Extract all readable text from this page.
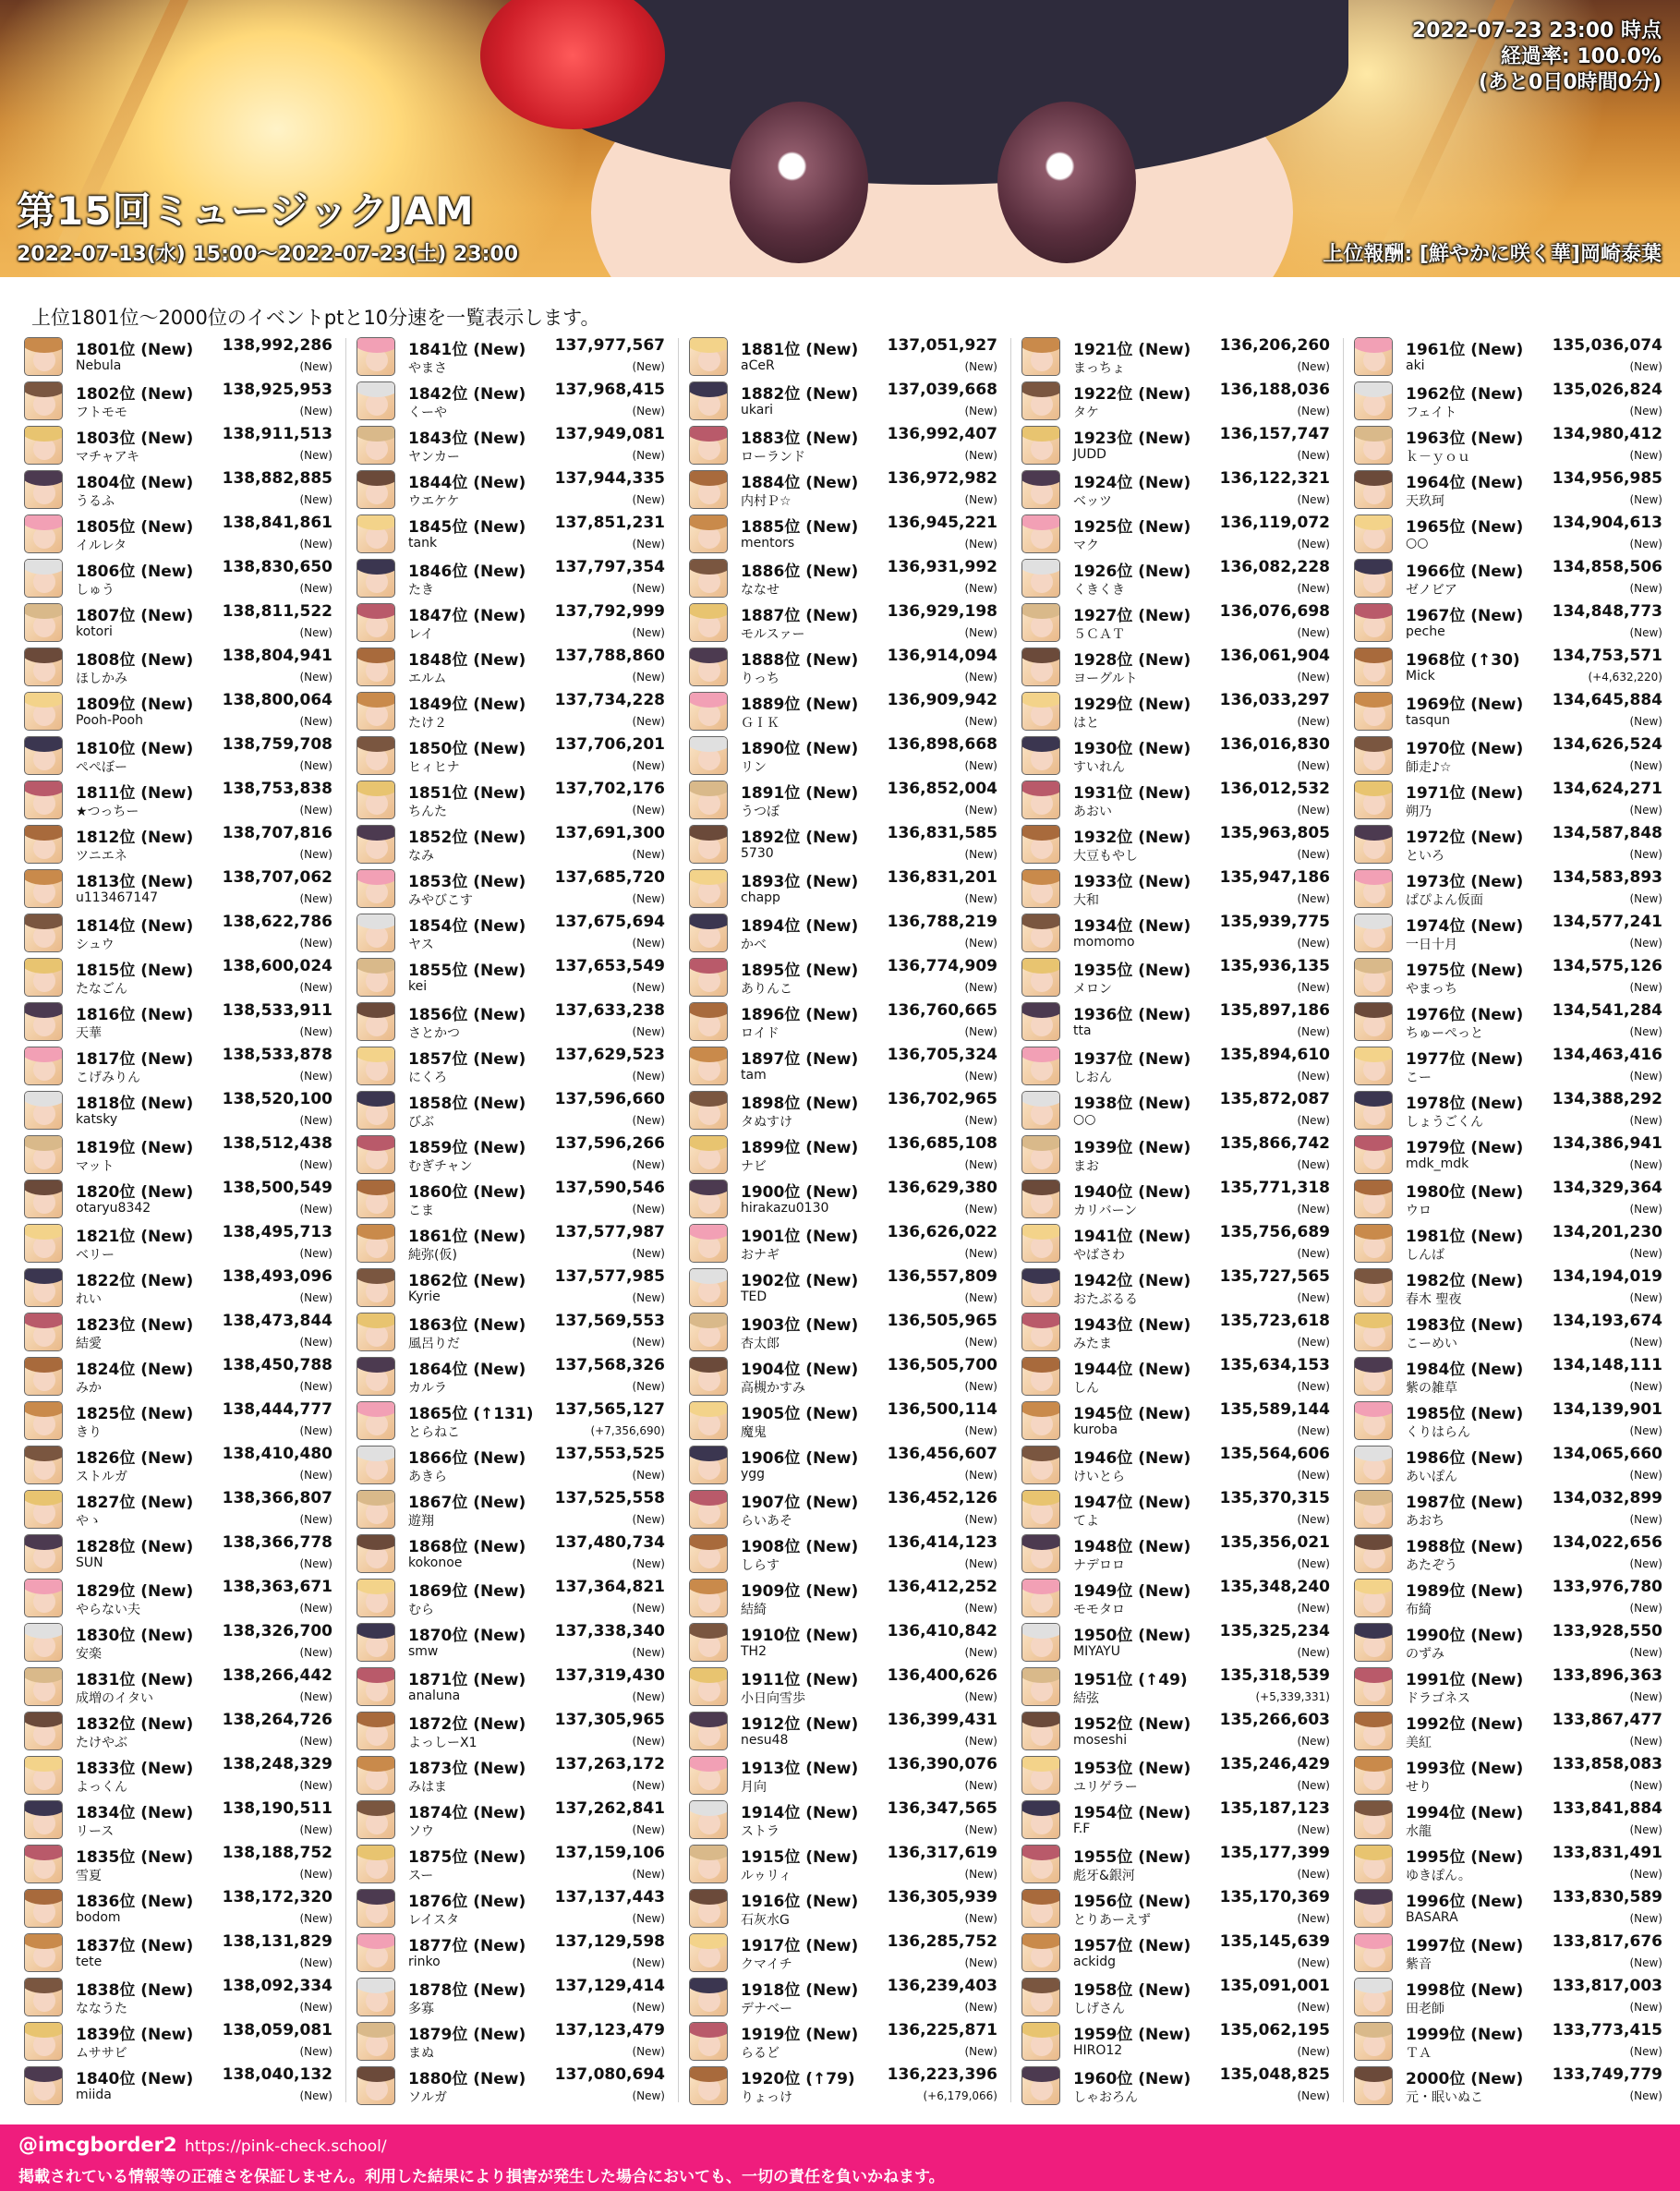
第15回ミュージックJAM
2022-07-13(水) 15:00～2022-07-23(土) 23:00
2022-07-23 23:00 時点
経過率: 100.0%
(あと0日0時間0分)
上位報酬: [鮮やかに咲く華]岡崎泰葉
上位1801位～2000位のイベントptと10分速を一覧表示します。
1801位 (New) 138,992,286
Nebula	(New)
1802位 (New) 138,925,953
フトモモ	(New)
1803位 (New) 138,911,513
マチャアキ	(New)
1804位 (New) 138,882,885
うるふ	(New)
1805位 (New) 138,841,861
イルレタ	(New)
1806位 (New) 138,830,650
しゅう	(New)
1807位 (New) 138,811,522
kotori	(New)
1808位 (New) 138,804,941
ほしかみ	(New)
1809位 (New) 138,800,064
Pooh-Pooh	(New)
1810位 (New) 138,759,708
ぺぺぼー	(New)
1811位 (New) 138,753,838
★つっちー	(New)
1812位 (New) 138,707,816
ツニエネ	(New)
1813位 (New) 138,707,062
u113467147	(New)
1814位 (New) 138,622,786
シュウ	(New)
1815位 (New) 138,600,024
たなごん	(New)
1816位 (New) 138,533,911
天華	(New)
1817位 (New) 138,533,878
こげみりん	(New)
1818位 (New) 138,520,100
katsky	(New)
1819位 (New) 138,512,438
マット	(New)
1820位 (New) 138,500,549
otaryu8342	(New)
1821位 (New) 138,495,713
ベリー	(New)
1822位 (New) 138,493,096
れい	(New)
1823位 (New) 138,473,844
結愛	(New)
1824位 (New) 138,450,788
みか	(New)
1825位 (New) 138,444,777
きり	(New)
1826位 (New) 138,410,480
ストルガ	(New)
1827位 (New) 138,366,807
やゝ	(New)
1828位 (New) 138,366,778
SUN	(New)
1829位 (New) 138,363,671
やらない夫	(New)
1830位 (New) 138,326,700
安楽	(New)
1831位 (New) 138,266,442
成増のイタい	(New)
1832位 (New) 138,264,726
たけやぶ	(New)
1833位 (New) 138,248,329
よっくん	(New)
1834位 (New) 138,190,511
リース	(New)
1835位 (New) 138,188,752
雪夏	(New)
1836位 (New) 138,172,320
bodom	(New)
1837位 (New) 138,131,829
tete	(New)
1838位 (New) 138,092,334
ななうた	(New)
1839位 (New) 138,059,081
ムササビ	(New)
1840位 (New) 138,040,132
miida	(New)
1841位 (New) 137,977,567
やまさ	(New)
1842位 (New) 137,968,415
くーや	(New)
1843位 (New) 137,949,081
ヤンカー	(New)
1844位 (New) 137,944,335
ウエケケ	(New)
1845位 (New) 137,851,231
tank	(New)
1846位 (New) 137,797,354
たき	(New)
1847位 (New) 137,792,999
レイ	(New)
1848位 (New) 137,788,860
エルム	(New)
1849位 (New) 137,734,228
たけ２	(New)
1850位 (New) 137,706,201
ヒィヒナ	(New)
1851位 (New) 137,702,176
ちんた	(New)
1852位 (New) 137,691,300
なみ	(New)
1853位 (New) 137,685,720
みやびこす	(New)
1854位 (New) 137,675,694
ヤス	(New)
1855位 (New) 137,653,549
kei	(New)
1856位 (New) 137,633,238
さとかつ	(New)
1857位 (New) 137,629,523
にくろ	(New)
1858位 (New) 137,596,660
びぶ	(New)
1859位 (New) 137,596,266
むぎチャン	(New)
1860位 (New) 137,590,546
こま	(New)
1861位 (New) 137,577,987
純弥(仮)	(New)
1862位 (New) 137,577,985
Kyrie	(New)
1863位 (New) 137,569,553
風呂りだ	(New)
1864位 (New) 137,568,326
カルラ	(New)
1865位 (↑131) 137,565,127
とらねこ	(+7,356,690)
1866位 (New) 137,553,525
あきら	(New)
1867位 (New) 137,525,558
遊翔	(New)
1868位 (New) 137,480,734
kokonoe	(New)
1869位 (New) 137,364,821
むら	(New)
1870位 (New) 137,338,340
smw	(New)
1871位 (New) 137,319,430
analuna	(New)
1872位 (New) 137,305,965
よっしーX1	(New)
1873位 (New) 137,263,172
みはま	(New)
1874位 (New) 137,262,841
ソウ	(New)
1875位 (New) 137,159,106
スー	(New)
1876位 (New) 137,137,443
レイスタ	(New)
1877位 (New) 137,129,598
rinko	(New)
1878位 (New) 137,129,414
多寡	(New)
1879位 (New) 137,123,479
まぬ	(New)
1880位 (New) 137,080,694
ソルガ	(New)
1881位 (New) 137,051,927
aCeR	(New)
1882位 (New) 137,039,668
ukari	(New)
1883位 (New) 136,992,407
ローランド	(New)
1884位 (New) 136,972,982
内村Ｐ☆	(New)
1885位 (New) 136,945,221
mentors	(New)
1886位 (New) 136,931,992
ななせ	(New)
1887位 (New) 136,929,198
モルスァー	(New)
1888位 (New) 136,914,094
りっち	(New)
1889位 (New) 136,909,942
ＧＩＫ	(New)
1890位 (New) 136,898,668
リン	(New)
1891位 (New) 136,852,004
うつぼ	(New)
1892位 (New) 136,831,585
5730	(New)
1893位 (New) 136,831,201
chapp	(New)
1894位 (New) 136,788,219
かべ	(New)
1895位 (New) 136,774,909
ありんこ	(New)
1896位 (New) 136,760,665
ロイド	(New)
1897位 (New) 136,705,324
tam	(New)
1898位 (New) 136,702,965
タぬすけ	(New)
1899位 (New) 136,685,108
ナビ	(New)
1900位 (New) 136,629,380
hirakazu0130	(New)
1901位 (New) 136,626,022
おナギ	(New)
1902位 (New) 136,557,809
TED	(New)
1903位 (New) 136,505,965
杏太郎	(New)
1904位 (New) 136,505,700
高槻かすみ	(New)
1905位 (New) 136,500,114
魔鬼	(New)
1906位 (New) 136,456,607
ygg	(New)
1907位 (New) 136,452,126
らいあそ	(New)
1908位 (New) 136,414,123
しらす	(New)
1909位 (New) 136,412,252
結綺	(New)
1910位 (New) 136,410,842
TH2	(New)
1911位 (New) 136,400,626
小日向雪歩	(New)
1912位 (New) 136,399,431
nesu48	(New)
1913位 (New) 136,390,076
月向	(New)
1914位 (New) 136,347,565
ストラ	(New)
1915位 (New) 136,317,619
ルゥリィ	(New)
1916位 (New) 136,305,939
石灰水G	(New)
1917位 (New) 136,285,752
クマイチ	(New)
1918位 (New) 136,239,403
デナベー	(New)
1919位 (New) 136,225,871
らるど	(New)
1920位 (↑79) 136,223,396
りょっけ	(+6,179,066)
1921位 (New) 136,206,260
まっちょ	(New)
1922位 (New) 136,188,036
タケ	(New)
1923位 (New) 136,157,747
JUDD	(New)
1924位 (New) 136,122,321
ベッツ	(New)
1925位 (New) 136,119,072
マク	(New)
1926位 (New) 136,082,228
くきくき	(New)
1927位 (New) 136,076,698
５ＣＡＴ	(New)
1928位 (New) 136,061,904
ヨーグルト	(New)
1929位 (New) 136,033,297
はと	(New)
1930位 (New) 136,016,830
すいれん	(New)
1931位 (New) 136,012,532
あおい	(New)
1932位 (New) 135,963,805
大豆もやし	(New)
1933位 (New) 135,947,186
大和	(New)
1934位 (New) 135,939,775
momomo	(New)
1935位 (New) 135,936,135
メロン	(New)
1936位 (New) 135,897,186
tta	(New)
1937位 (New) 135,894,610
しおん	(New)
1938位 (New) 135,872,087
○○	(New)
1939位 (New) 135,866,742
まお	(New)
1940位 (New) 135,771,318
カリバーン	(New)
1941位 (New) 135,756,689
やばさわ	(New)
1942位 (New) 135,727,565
おたぶるる	(New)
1943位 (New) 135,723,618
みたま	(New)
1944位 (New) 135,634,153
しん	(New)
1945位 (New) 135,589,144
kuroba	(New)
1946位 (New) 135,564,606
けいとら	(New)
1947位 (New) 135,370,315
てよ	(New)
1948位 (New) 135,356,021
ナデロロ	(New)
1949位 (New) 135,348,240
モモタロ	(New)
1950位 (New) 135,325,234
MIYAYU	(New)
1951位 (↑49) 135,318,539
結弦	(+5,339,331)
1952位 (New) 135,266,603
moseshi	(New)
1953位 (New) 135,246,429
ユリゲラー	(New)
1954位 (New) 135,187,123
F.F	(New)
1955位 (New) 135,177,399
彪牙&銀河	(New)
1956位 (New) 135,170,369
とりあーえず	(New)
1957位 (New) 135,145,639
ackidg	(New)
1958位 (New) 135,091,001
しげさん	(New)
1959位 (New) 135,062,195
HIRO12	(New)
1960位 (New) 135,048,825
しゃおろん	(New)
1961位 (New) 135,036,074
aki	(New)
1962位 (New) 135,026,824
フェイト	(New)
1963位 (New) 134,980,412
ｋ－ｙｏｕ	(New)
1964位 (New) 134,956,985
天玖珂	(New)
1965位 (New) 134,904,613
○○	(New)
1966位 (New) 134,858,506
ゼノビア	(New)
1967位 (New) 134,848,773
peche	(New)
1968位 (↑30) 134,753,571
Mick	(+4,632,220)
1969位 (New) 134,645,884
tasqun	(New)
1970位 (New) 134,626,524
師走♪☆	(New)
1971位 (New) 134,624,271
朔乃	(New)
1972位 (New) 134,587,848
といろ	(New)
1973位 (New) 134,583,893
ぱぴよん仮面	(New)
1974位 (New) 134,577,241
一日十月	(New)
1975位 (New) 134,575,126
やまっち	(New)
1976位 (New) 134,541,284
ちゅーぺっと	(New)
1977位 (New) 134,463,416
こー	(New)
1978位 (New) 134,388,292
しょうごくん	(New)
1979位 (New) 134,386,941
mdk_mdk	(New)
1980位 (New) 134,329,364
ウロ	(New)
1981位 (New) 134,201,230
しんば	(New)
1982位 (New) 134,194,019
春木 聖夜	(New)
1983位 (New) 134,193,674
こーめい	(New)
1984位 (New) 134,148,111
紫の雑草	(New)
1985位 (New) 134,139,901
くりはらん	(New)
1986位 (New) 134,065,660
あいぽん	(New)
1987位 (New) 134,032,899
あおち	(New)
1988位 (New) 134,022,656
あたぞう	(New)
1989位 (New) 133,976,780
布綺	(New)
1990位 (New) 133,928,550
のずみ	(New)
1991位 (New) 133,896,363
ドラゴネス	(New)
1992位 (New) 133,867,477
美紅	(New)
1993位 (New) 133,858,083
せり	(New)
1994位 (New) 133,841,884
水龍	(New)
1995位 (New) 133,831,491
ゆきぽん。	(New)
1996位 (New) 133,830,589
BASARA	(New)
1997位 (New) 133,817,676
紫音	(New)
1998位 (New) 133,817,003
田老師	(New)
1999位 (New) 133,773,415
ＴＡ	(New)
2000位 (New) 133,749,779
元・眠いぬこ	(New)
@imcgborder2 https://pink-check.school/
掲載されている情報等の正確さを保証しません。利用した結果により損害が発生した場合においても、一切の責任を負いかねます。
